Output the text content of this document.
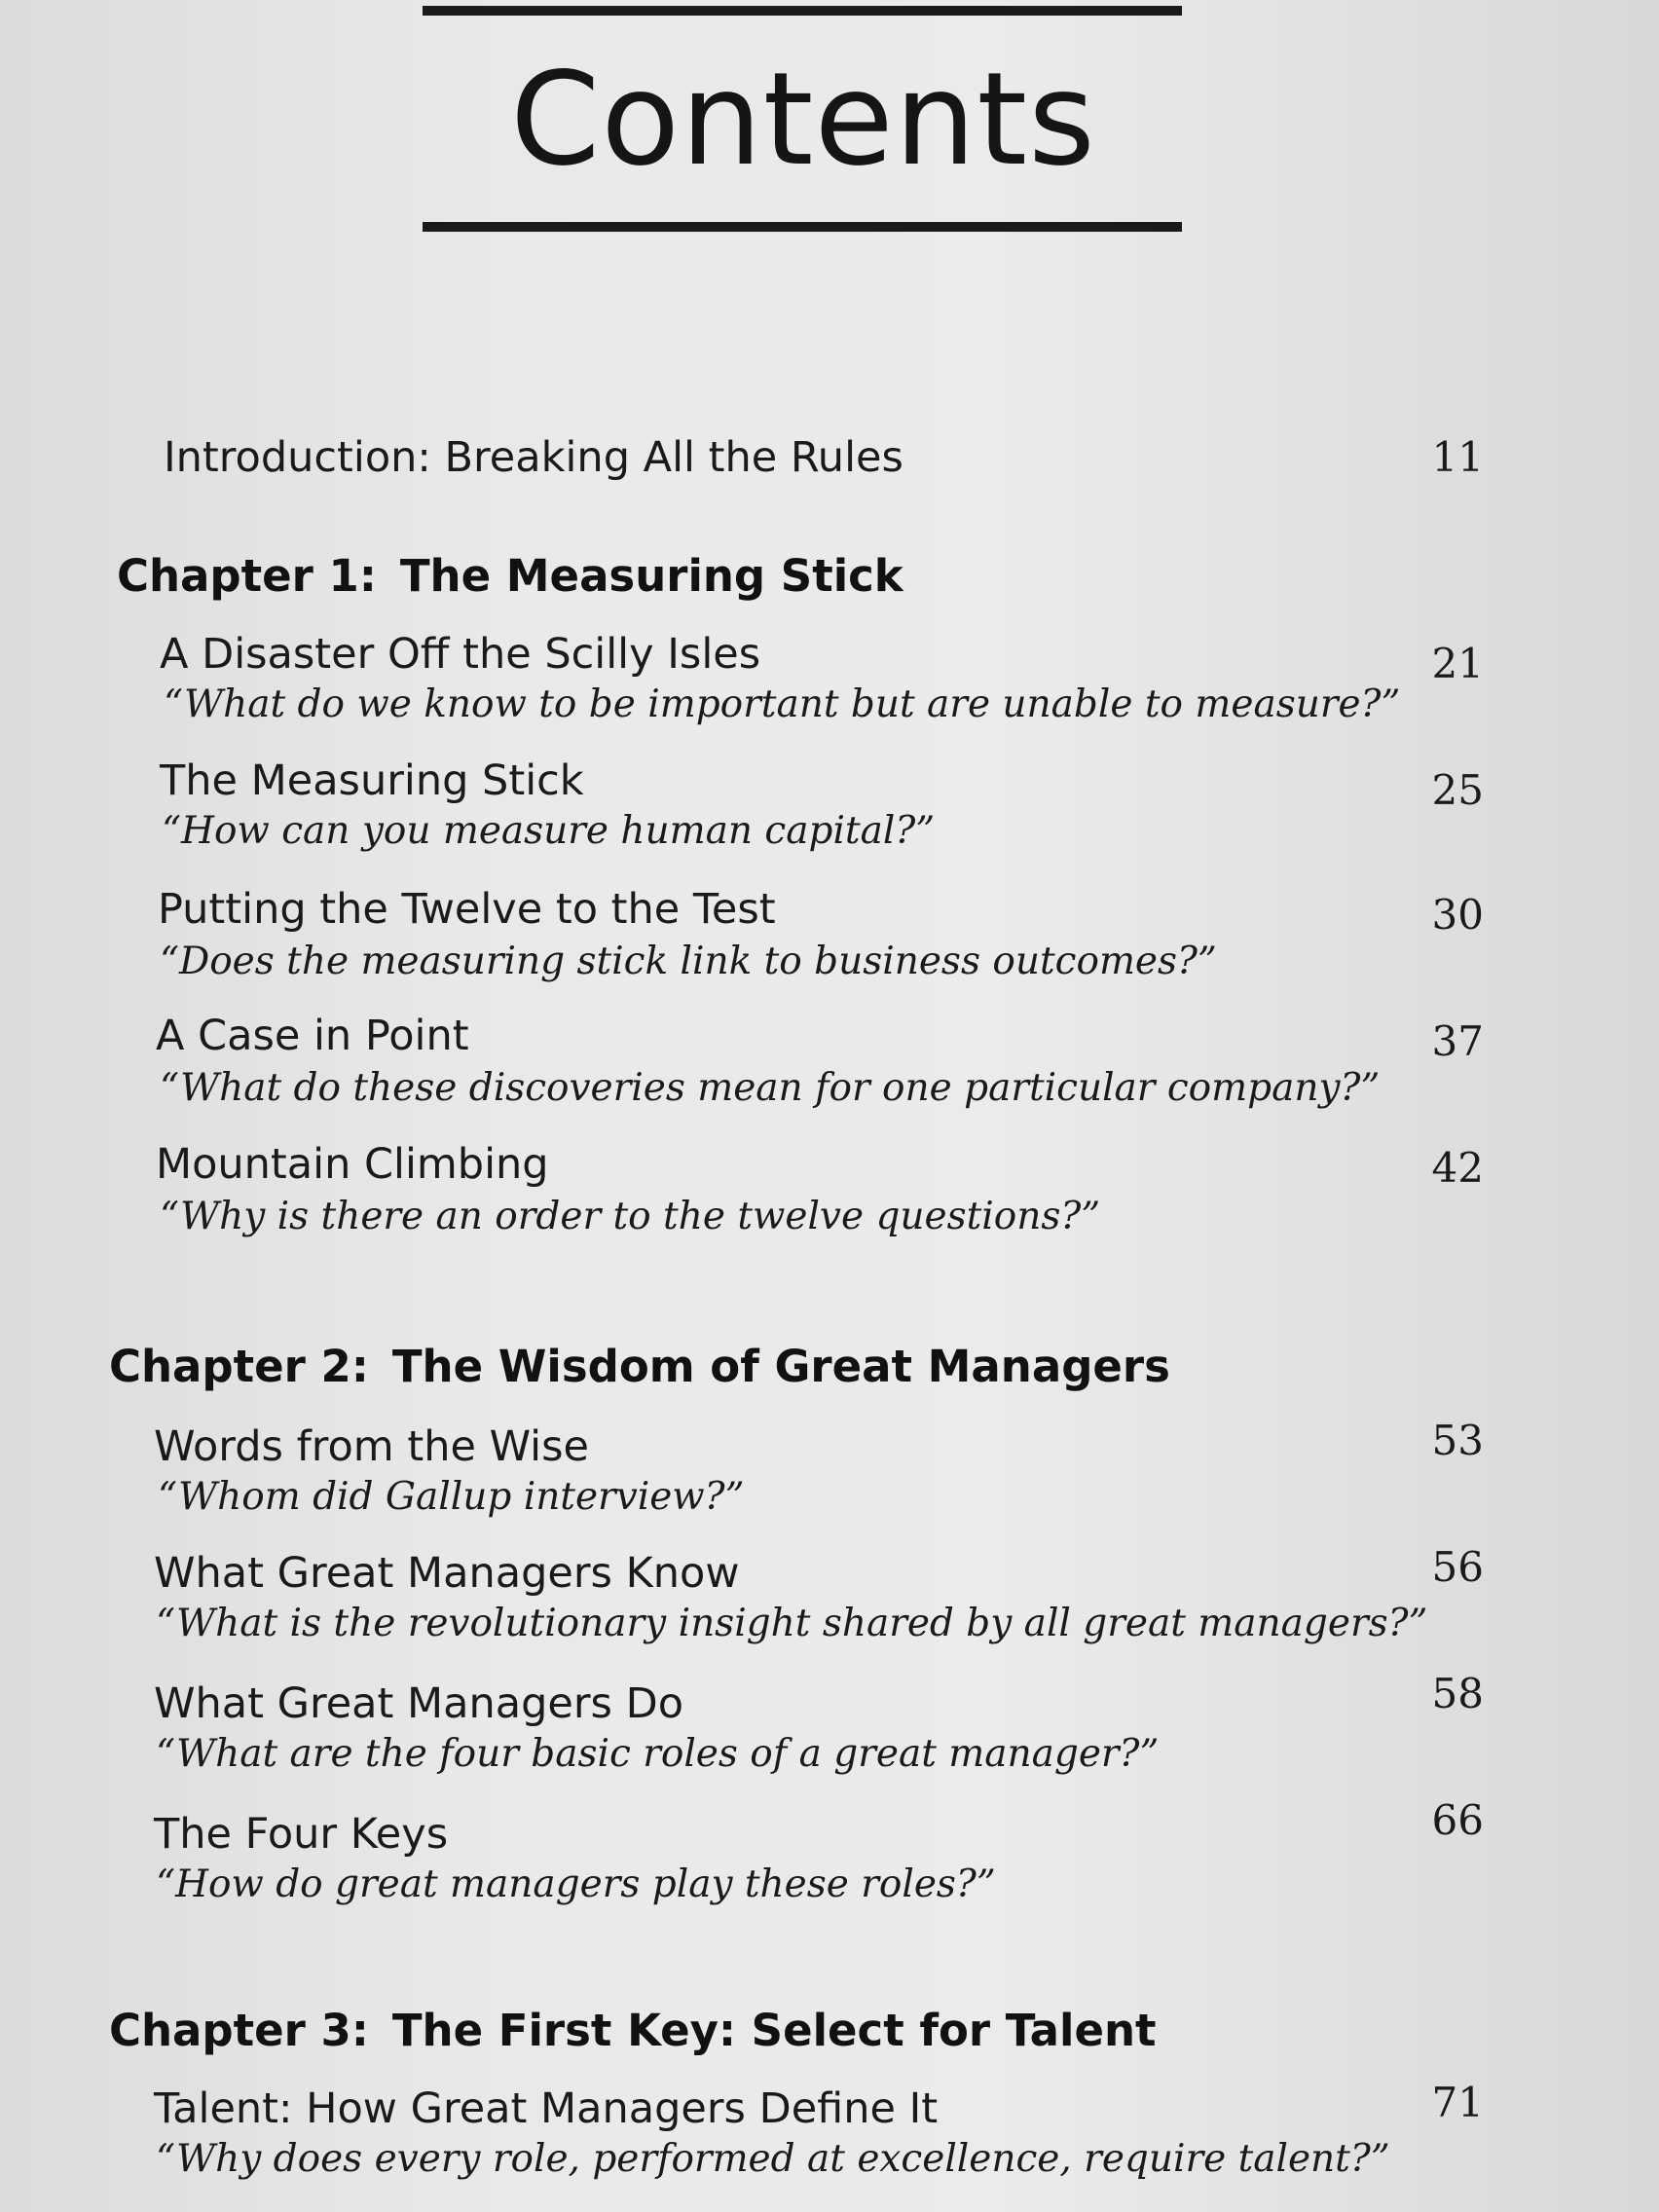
Contents
Introduction: Breaking All the Rules	11
Chapter 1: The Measuring Stick
A Disaster Off the Scilly Isles	21
“What do we know to be important but are unable to measure?”
The Measuring Stick	25
“How can you measure human capital?”
Putting the Twelve to the Test	30
“Does the measuring stick link to business outcomes?”
A Case in Point	37
“What do these discoveries mean for one particular company?”
Mountain Climbing	42
“Why is there an order to the twelve questions?”
Chapter 2: The Wisdom of Great Managers
Words from the Wise	53
“Whom did Gallup interview?”
What Great Managers Know	56
“What is the revolutionary insight shared by all great managers?”
What Great Managers Do	58
“What are the four basic roles of a great manager?”
The Four Keys	66
“How do great managers play these roles?”
Chapter 3: The First Key: Select for Talent
Talent: How Great Managers Define It	71
“Why does every role, performed at excellence, require talent?”
